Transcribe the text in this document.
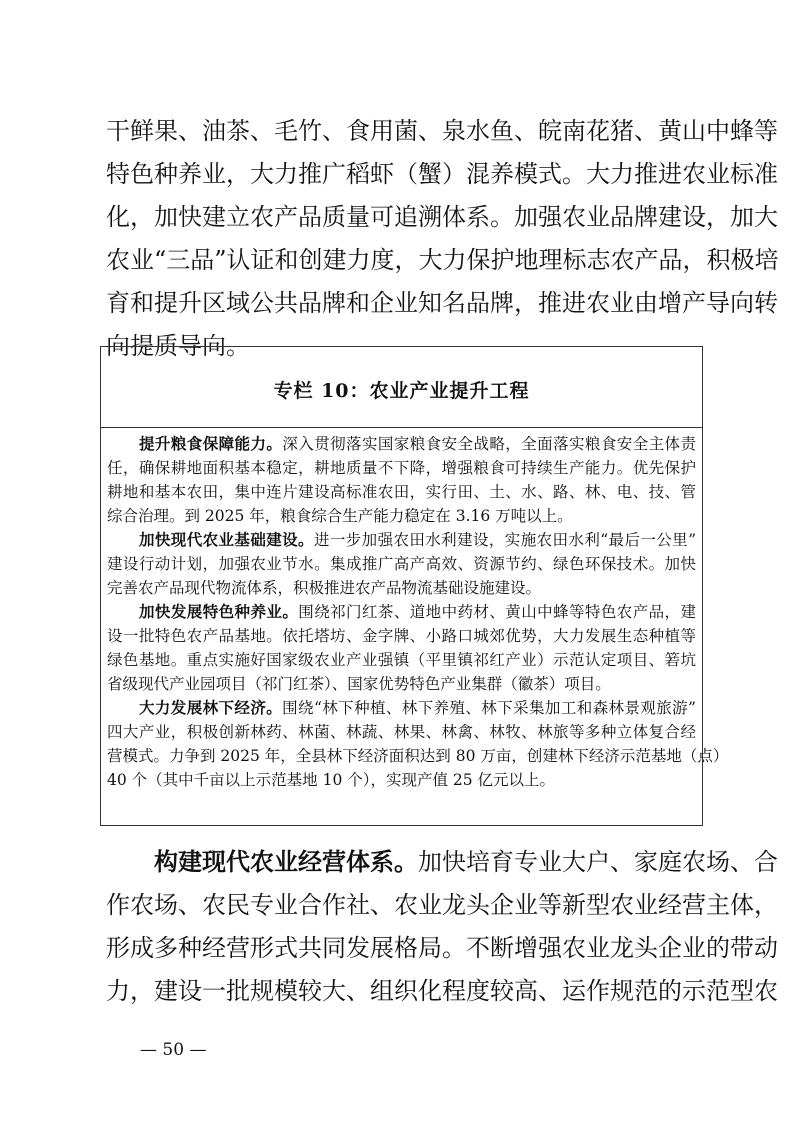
干鲜果、油茶、毛竹、食用菌、泉水鱼、皖南花猪、黄山中蜂等
特色种养业，大力推广稻虾（蟹）混养模式。大力推进农业标准
化，加快建立农产品质量可追溯体系。加强农业品牌建设，加大
农业“三品”认证和创建力度，大力保护地理标志农产品，积极培
育和提升区域公共品牌和企业知名品牌，推进农业由增产导向转
向提质导向。
专栏 10：农业产业提升工程
提升粮食保障能力。深入贯彻落实国家粮食安全战略，全面落实粮食安全主体责
任，确保耕地面积基本稳定，耕地质量不下降，增强粮食可持续生产能力。优先保护
耕地和基本农田，集中连片建设高标准农田，实行田、土、水、路、林、电、技、管
综合治理。到 2025 年，粮食综合生产能力稳定在 3.16 万吨以上。
加快现代农业基础建设。进一步加强农田水利建设，实施农田水利“最后一公里”
建设行动计划，加强农业节水。集成推广高产高效、资源节约、绿色环保技术。加快
完善农产品现代物流体系，积极推进农产品物流基础设施建设。
加快发展特色种养业。围绕祁门红茶、道地中药材、黄山中蜂等特色农产品，建
设一批特色农产品基地。依托塔坊、金字牌、小路口城郊优势，大力发展生态种植等
绿色基地。重点实施好国家级农业产业强镇（平里镇祁红产业）示范认定项目、箬坑
省级现代产业园项目（祁门红茶）、国家优势特色产业集群（徽茶）项目。
大力发展林下经济。围绕“林下种植、林下养殖、林下采集加工和森林景观旅游”
四大产业，积极创新林药、林菌、林蔬、林果、林禽、林牧、林旅等多种立体复合经
营模式。力争到 2025 年，全县林下经济面积达到 80 万亩，创建林下经济示范基地（点）
40 个（其中千亩以上示范基地 10 个），实现产值 25 亿元以上。
构建现代农业经营体系。加快培育专业大户、家庭农场、合
作农场、农民专业合作社、农业龙头企业等新型农业经营主体，
形成多种经营形式共同发展格局。不断增强农业龙头企业的带动
力，建设一批规模较大、组织化程度较高、运作规范的示范型农
— 50 —
